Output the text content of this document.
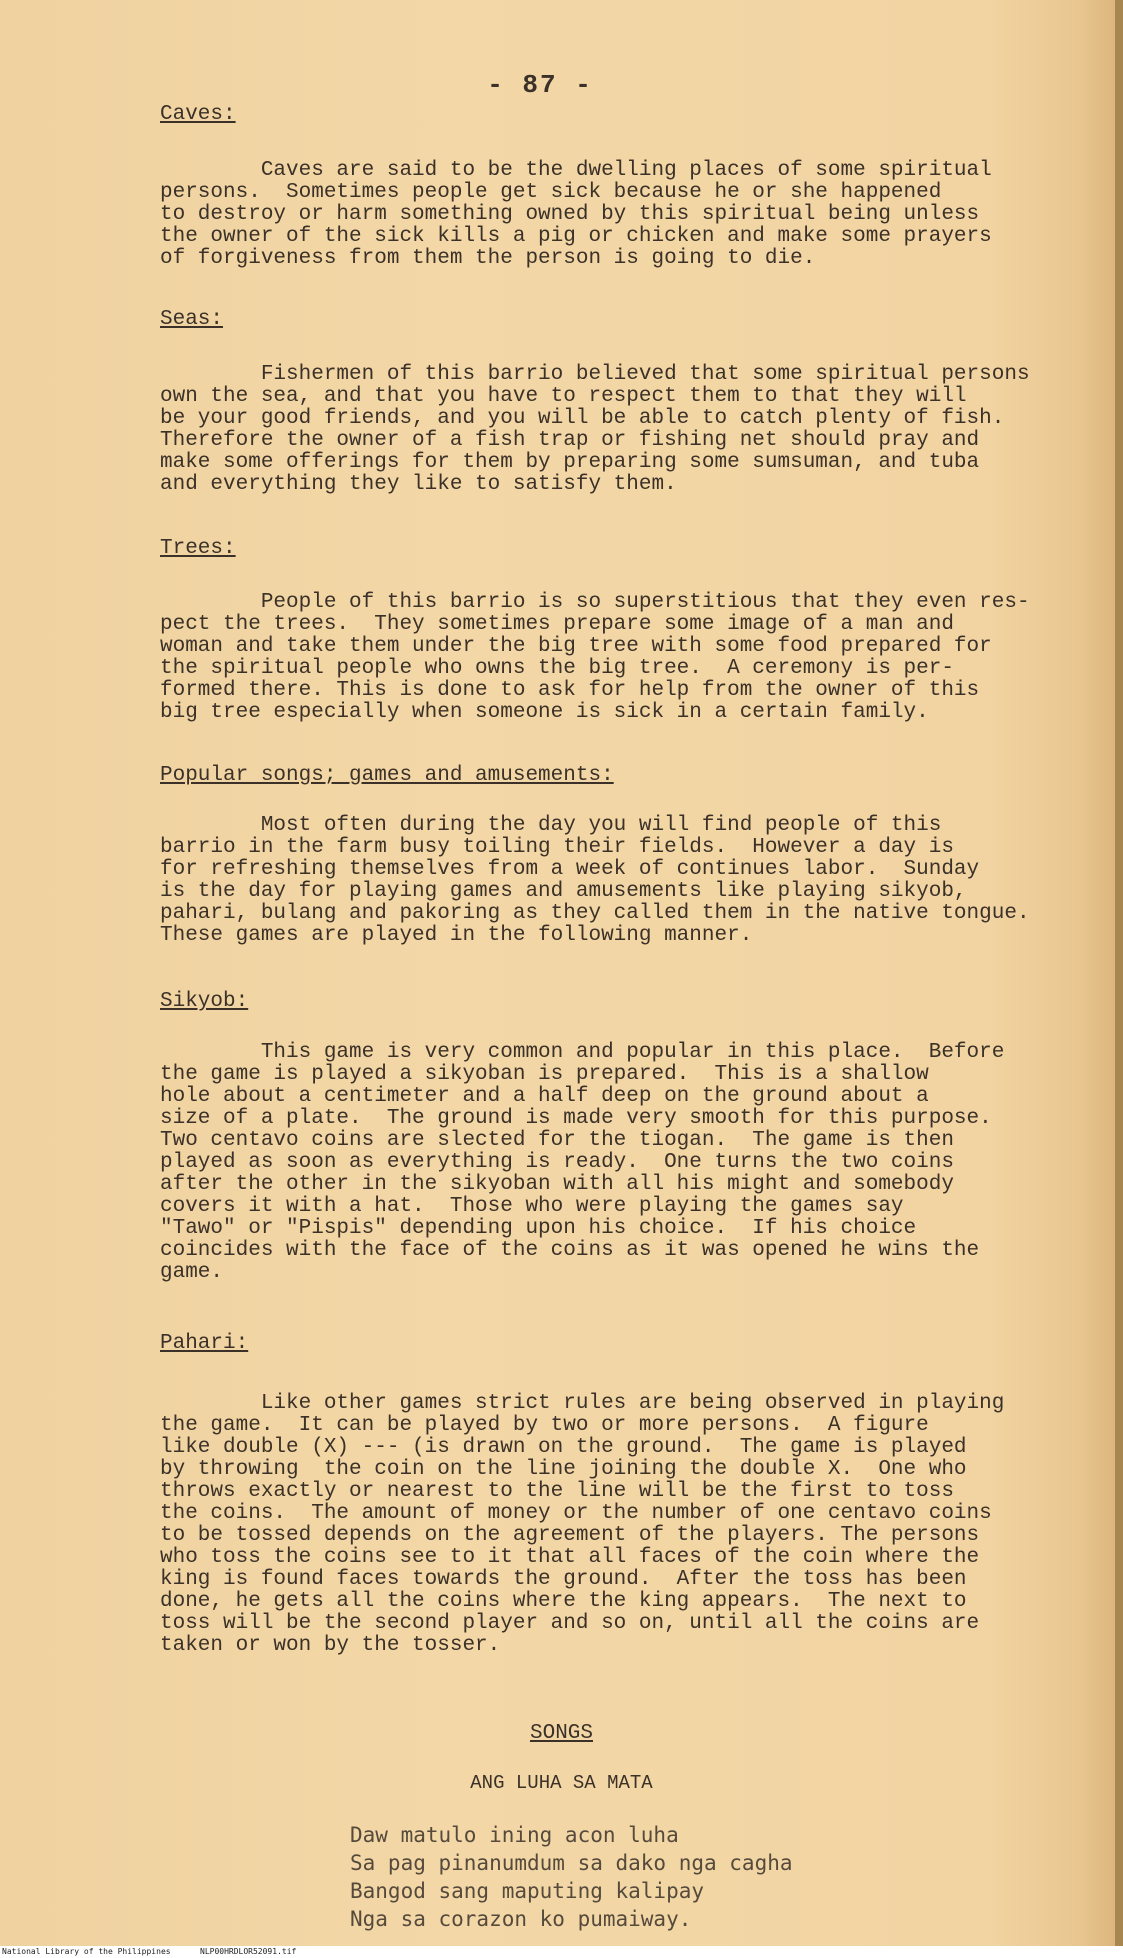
- 87 -
Caves:
Caves are said to be the dwelling places of some spiritual
persons.  Sometimes people get sick because he or she happened
to destroy or harm something owned by this spiritual being unless
the owner of the sick kills a pig or chicken and make some prayers
of forgiveness from them the person is going to die.
Seas:
Fishermen of this barrio believed that some spiritual persons
own the sea, and that you have to respect them to that they will
be your good friends, and you will be able to catch plenty of fish.
Therefore the owner of a fish trap or fishing net should pray and
make some offerings for them by preparing some sumsuman, and tuba
and everything they like to satisfy them.
Trees:
People of this barrio is so superstitious that they even res-
pect the trees.  They sometimes prepare some image of a man and
woman and take them under the big tree with some food prepared for
the spiritual people who owns the big tree.  A ceremony is per-
formed there. This is done to ask for help from the owner of this
big tree especially when someone is sick in a certain family.
Popular songs; games and amusements:
Most often during the day you will find people of this
barrio in the farm busy toiling their fields.  However a day is
for refreshing themselves from a week of continues labor.  Sunday
is the day for playing games and amusements like playing sikyob,
pahari, bulang and pakoring as they called them in the native tongue.
These games are played in the following manner.
Sikyob:
This game is very common and popular in this place.  Before
the game is played a sikyoban is prepared.  This is a shallow
hole about a centimeter and a half deep on the ground about a
size of a plate.  The ground is made very smooth for this purpose.
Two centavo coins are slected for the tiogan.  The game is then
played as soon as everything is ready.  One turns the two coins
after the other in the sikyoban with all his might and somebody
covers it with a hat.  Those who were playing the games say
"Tawo" or "Pispis" depending upon his choice.  If his choice
coincides with the face of the coins as it was opened he wins the
game.
Pahari:
Like other games strict rules are being observed in playing
the game.  It can be played by two or more persons.  A figure
like double (X) --- (is drawn on the ground.  The game is played
by throwing  the coin on the line joining the double X.  One who
throws exactly or nearest to the line will be the first to toss
the coins.  The amount of money or the number of one centavo coins
to be tossed depends on the agreement of the players. The persons
who toss the coins see to it that all faces of the coin where the
king is found faces towards the ground.  After the toss has been
done, he gets all the coins where the king appears.  The next to
toss will be the second player and so on, until all the coins are
taken or won by the tosser.
SONGS
ANG LUHA SA MATA
Daw matulo ining acon luha
Sa pag pinanumdum sa dako nga cagha
Bangod sang maputing kalipay
Nga sa corazon ko pumaiway.
National Library of the Philippines	NLP00HRDLOR52091.tif
